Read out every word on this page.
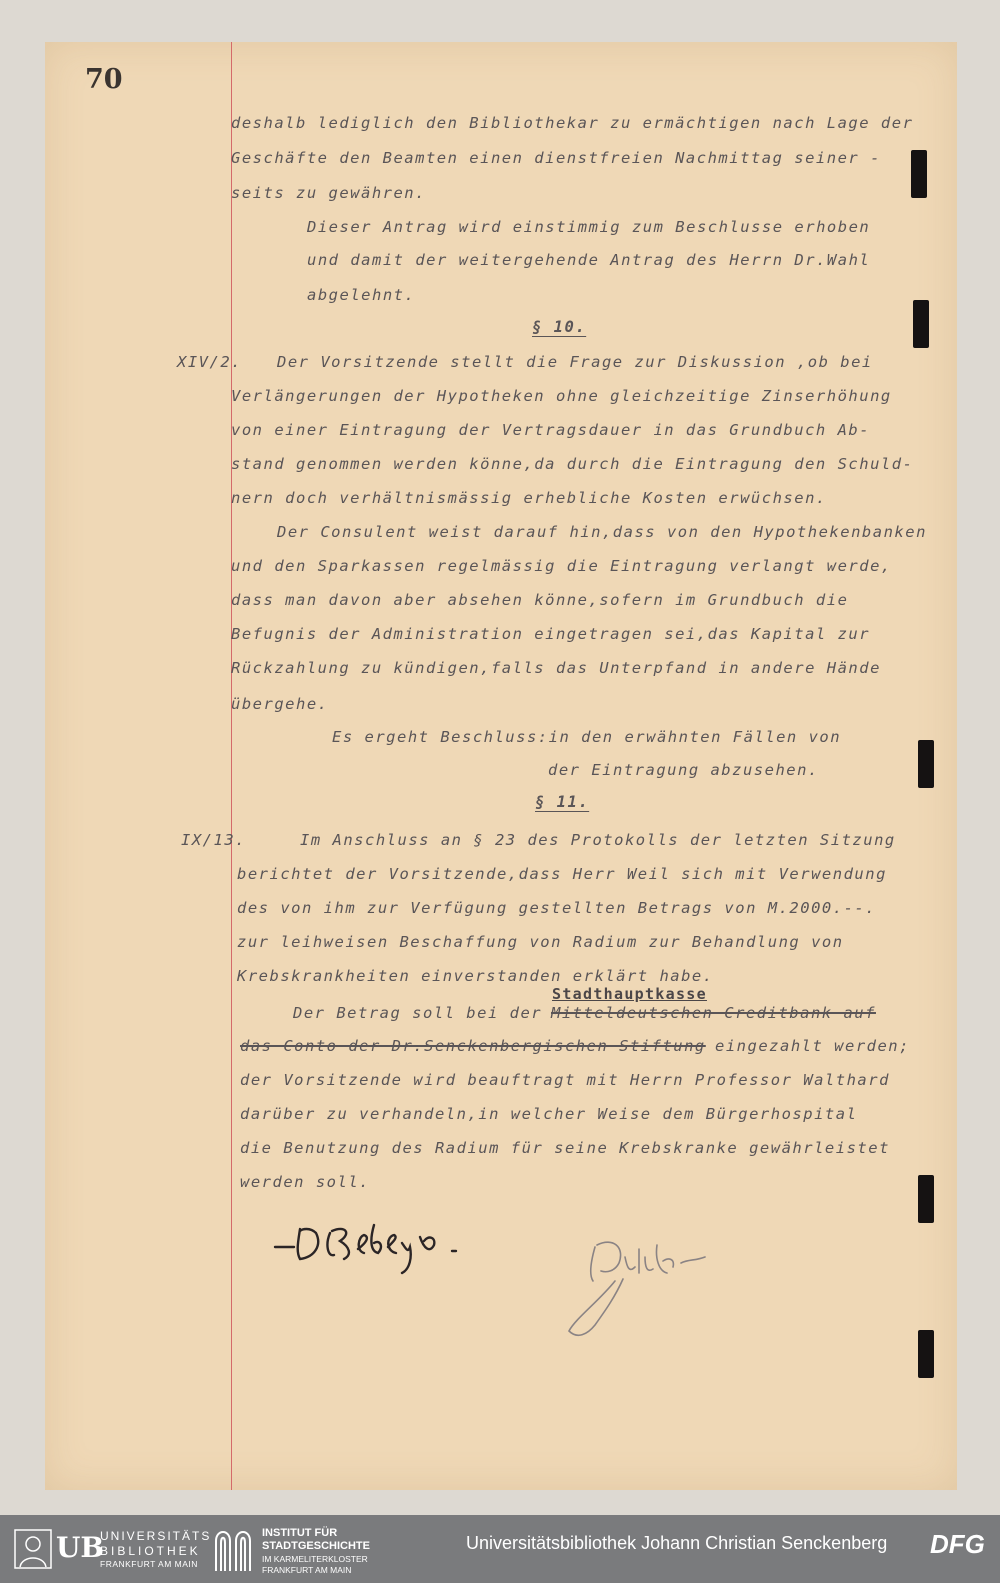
70

deshalb lediglich den Bibliothekar zu ermächtigen nach Lage der

Geschäfte den Beamten einen dienstfreien Nachmittag seiner -

seits zu gewähren.

Dieser Antrag wird einstimmig zum Beschlusse erhoben

und damit der weitergehende Antrag des Herrn Dr.Wahl

abgelehnt.

§ 10.

XIV/2. Der Vorsitzende stellt die Frage zur Diskussion ,ob bei

Verlängerungen der Hypotheken ohne gleichzeitige Zinserhöhung

von einer Eintragung der Vertragsdauer in das Grundbuch Ab-

stand genommen werden könne,da durch die Eintragung den Schuld-

nern doch verhältnismässig erhebliche Kosten erwüchsen.

Der Consulent weist darauf hin,dass von den Hypothekenbanken

und den Sparkassen regelmässig die Eintragung verlangt werde,

dass man davon aber absehen könne,sofern im Grundbuch die

Befugnis der Administration eingetragen sei,das Kapital zur

Rückzahlung zu kündigen,falls das Unterpfand in andere Hände

übergehe.

Es ergeht Beschluss:in den erwähnten Fällen von

der Eintragung abzusehen.

§ 11.

IX/13.	Im Anschluss an § 23 des Protokolls der letzten Sitzung

berichtet der Vorsitzende,dass Herr Weil sich mit Verwendung

des von ihm zur Verfügung gestellten Betrags von M.2000.--.

zur leihweisen Beschaffung von Radium zur Behandlung von

Krebskrankheiten einverstanden erklärt habe.

Der Betrag soll bei der Mitteldeutschen Creditbank auf

Stadthauptkasse

das Conto der Dr.Senckenbergischen Stiftung eingezahlt werden;

der Vorsitzende wird beauftragt mit Herrn Professor Walthard

darüber zu verhandeln,in welcher Weise dem Bürgerhospital

die Benutzung des Radium für seine Krebskranke gewährleistet

werden soll.

UB
UNIVERSITÄTS
BIBLIOTHEK
FRANKFURT AM MAIN
INSTITUT FÜR
STADTGESCHICHTE
IM KARMELITERKLOSTER
FRANKFURT AM MAIN
Universitätsbibliothek Johann Christian Senckenberg DFG
